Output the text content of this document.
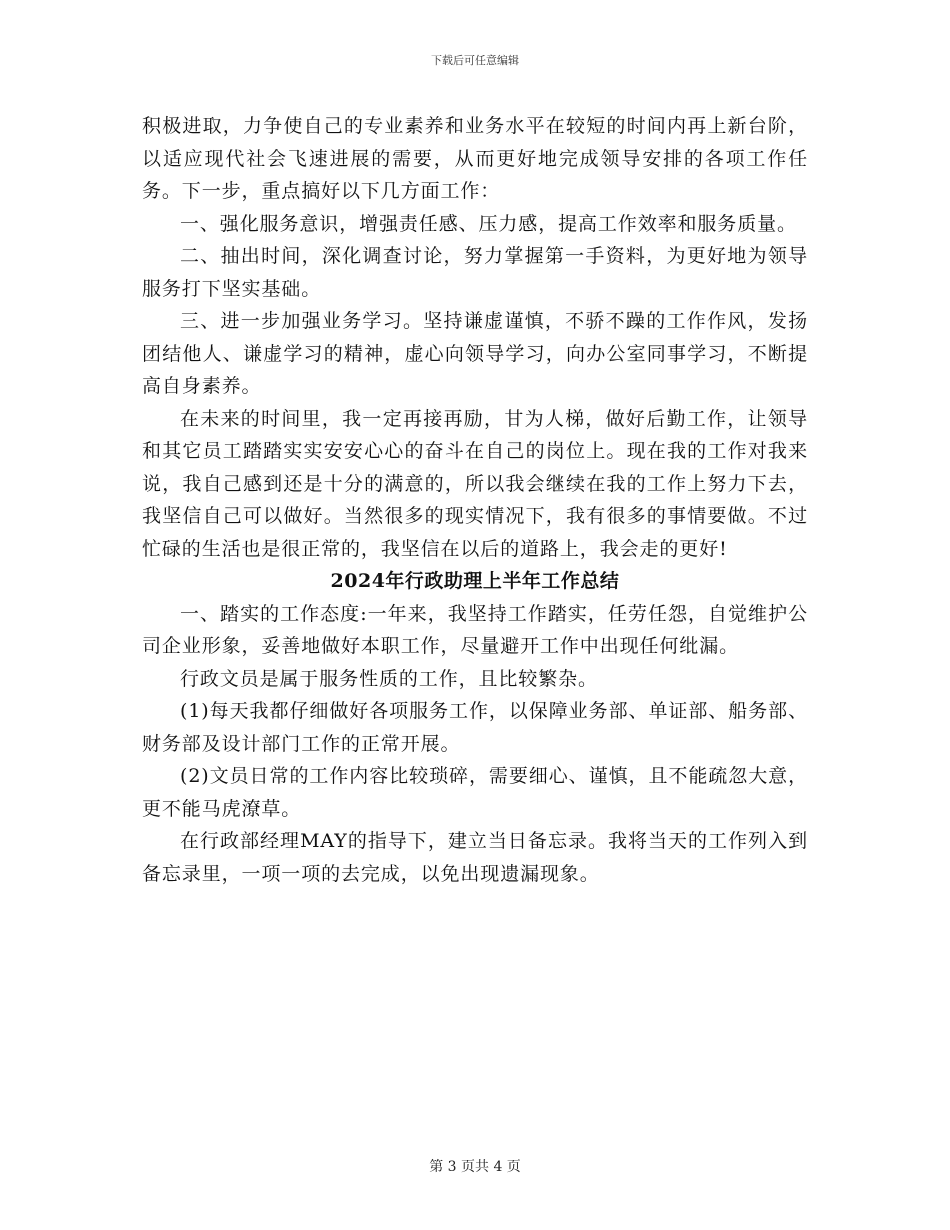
下载后可任意编辑

积极进取，力争使自己的专业素养和业务水平在较短的时间内再上新台阶，以适应现代社会飞速进展的需要，从而更好地完成领导安排的各项工作任务。下一步，重点搞好以下几方面工作：

一、强化服务意识，增强责任感、压力感，提高工作效率和服务质量。

二、抽出时间，深化调查讨论，努力掌握第一手资料，为更好地为领导服务打下坚实基础。

三、进一步加强业务学习。坚持谦虚谨慎，不骄不躁的工作作风，发扬团结他人、谦虚学习的精神，虚心向领导学习，向办公室同事学习，不断提高自身素养。

在未来的时间里，我一定再接再励，甘为人梯，做好后勤工作，让领导和其它员工踏踏实实安安心心的奋斗在自己的岗位上。现在我的工作对我来说，我自己感到还是十分的满意的，所以我会继续在我的工作上努力下去，我坚信自己可以做好。当然很多的现实情况下，我有很多的事情要做。不过忙碌的生活也是很正常的，我坚信在以后的道路上，我会走的更好!

2024年行政助理上半年工作总结

一、踏实的工作态度:一年来，我坚持工作踏实，任劳任怨，自觉维护公司企业形象，妥善地做好本职工作，尽量避开工作中出现任何纰漏。

行政文员是属于服务性质的工作，且比较繁杂。

(1)每天我都仔细做好各项服务工作，以保障业务部、单证部、船务部、财务部及设计部门工作的正常开展。

(2)文员日常的工作内容比较琐碎，需要细心、谨慎，且不能疏忽大意，更不能马虎潦草。

在行政部经理MAY的指导下，建立当日备忘录。我将当天的工作列入到备忘录里，一项一项的去完成，以免出现遗漏现象。

第 3 页共 4 页
